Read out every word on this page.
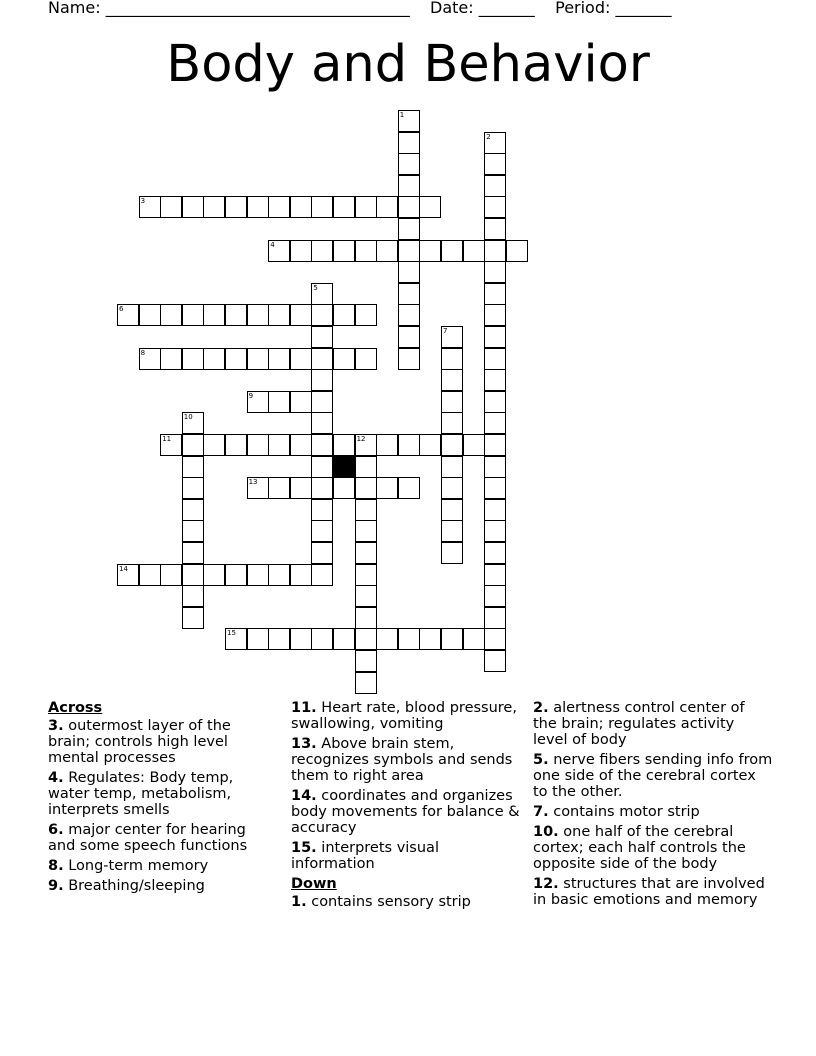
Name: ______________________________________ Date: _______ Period: _______
Body and Behavior
1
2
3
4
5
6
7
8
9
10
11	12
13
14
15
Across
3. outermost layer of the brain; controls high level mental processes
4. Regulates: Body temp, water temp, metabolism, interprets smells
6. major center for hearing and some speech functions
8. Long-term memory
9. Breathing/sleeping
11. Heart rate, blood pressure, swallowing, vomiting
13. Above brain stem, recognizes symbols and sends them to right area
14. coordinates and organizes body movements for balance & accuracy
15. interprets visual information
Down
1. contains sensory strip
2. alertness control center of the brain; regulates activity level of body
5. nerve fibers sending info from one side of the cerebral cortex to the other.
7. contains motor strip
10. one half of the cerebral cortex; each half controls the opposite side of the body
12. structures that are involved in basic emotions and memory
